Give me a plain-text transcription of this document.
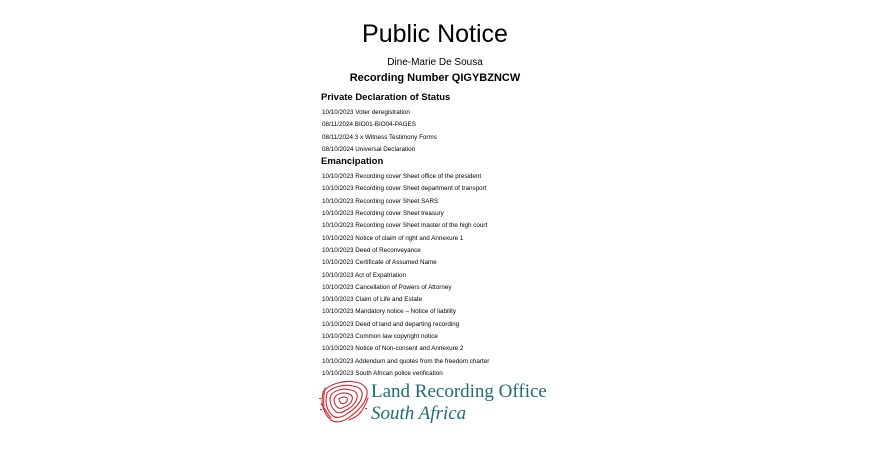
Public Notice
Dine-Marie De Sousa
Recording Number QIGYBZNCW
Private Declaration of Status
10/10/2023 Voter deregistration
08/11/2024 BIO01-BIO04-PAGES
08/11/2024 3 x Witness Testimony Forms
08/10/2024 Universal Declaration
Emancipation
10/10/2023 Recording cover Sheet office of the president
10/10/2023 Recording cover Sheet department of transport
10/10/2023 Recording cover Sheet SARS
10/10/2023 Recording cover Sheet treasury
10/10/2023 Recording cover Sheet master of the high court
10/10/2023 Notice of claim of right and Annexure 1
10/10/2023 Deed of Reconveyance
10/10/2023 Certificate of Assumed Name
10/10/2023 Act of Expatriation
10/10/2023 Cancellation of Powers of Attorney
10/10/2023 Claim of Life and Estate
10/10/2023 Mandatory notice – Notice of liability
10/10/2023 Deed of land and departing recording
10/10/2023 Common law copyright notice
10/10/2023 Notice of Non-consent and Annexure 2
10/10/2023 Addendum and quotes from the freedom charter
10/10/2023 South African police verification
Land Recording Office
South Africa
